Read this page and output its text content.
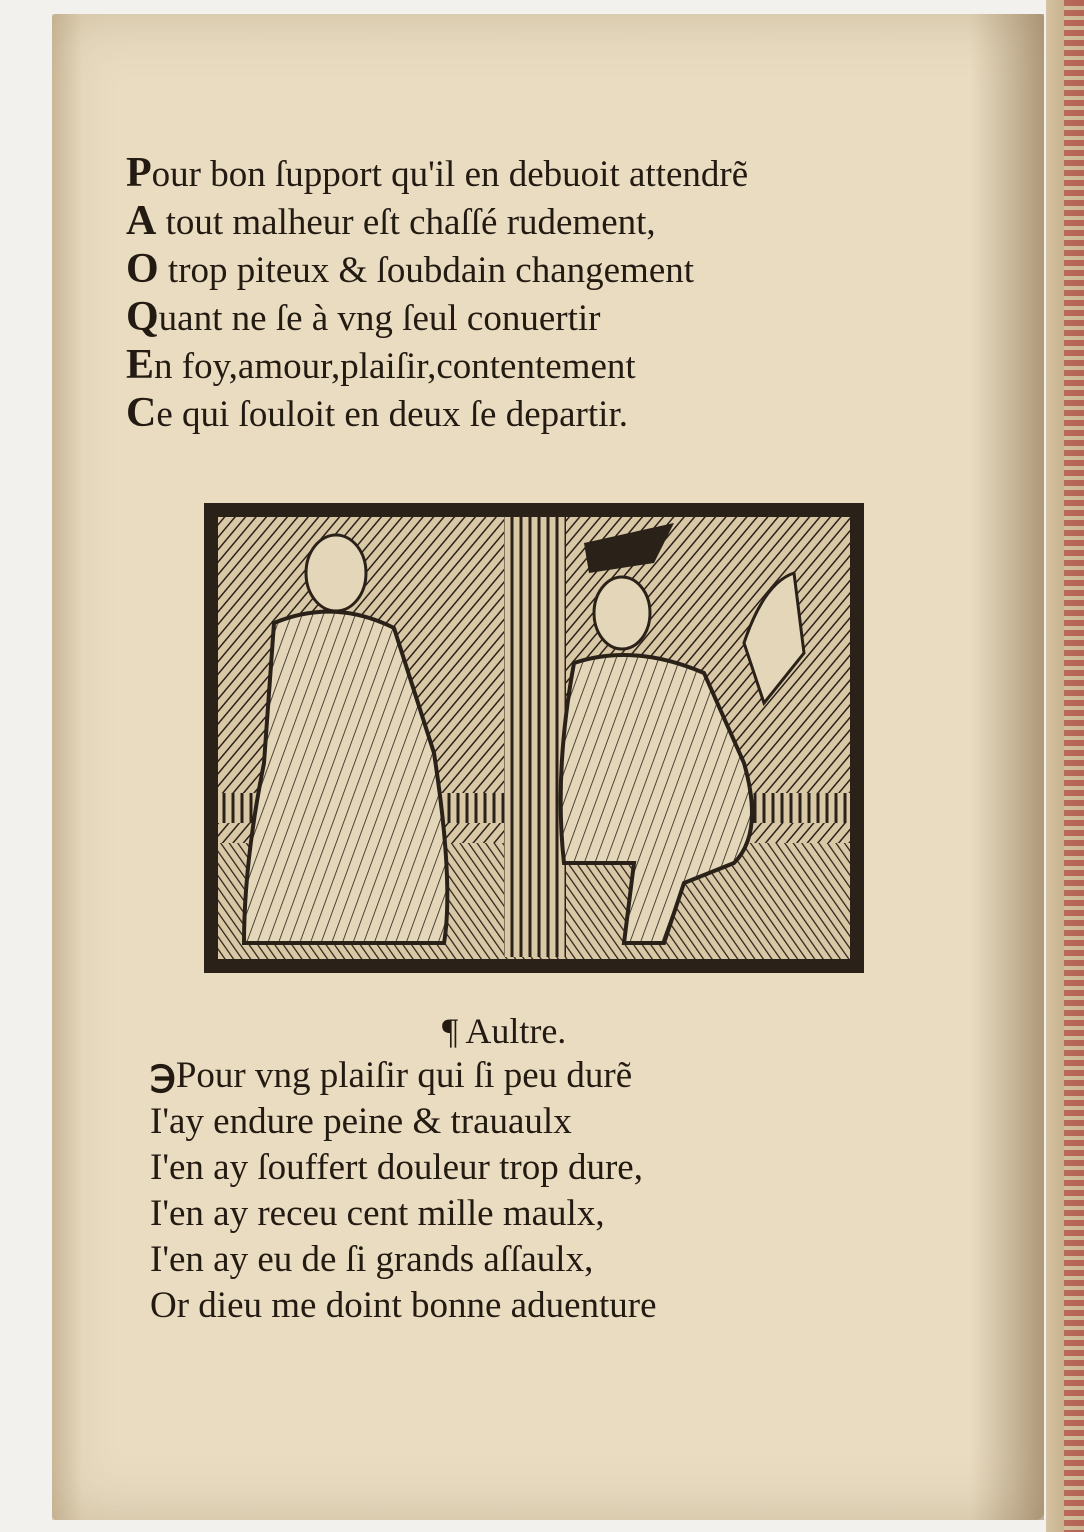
Pour bon ſupport qu'il en debuoit attendrẽ
A tout malheur eſt chaſſé rudement,
O trop piteux & ſoubdain changement
Quant ne ſe à vng ſeul conuertir
En foy,amour,plaiſir,contentement
Ce qui ſouloit en deux ſe departir.
¶ Aultre.
℈Pour vng plaiſir qui ſi peu durẽ
I'ay endure peine & trauaulx
I'en ay ſouffert douleur trop dure,
I'en ay receu cent mille maulx,
I'en ay eu de ſi grands aſſaulx,
Or dieu me doint bonne aduenture
